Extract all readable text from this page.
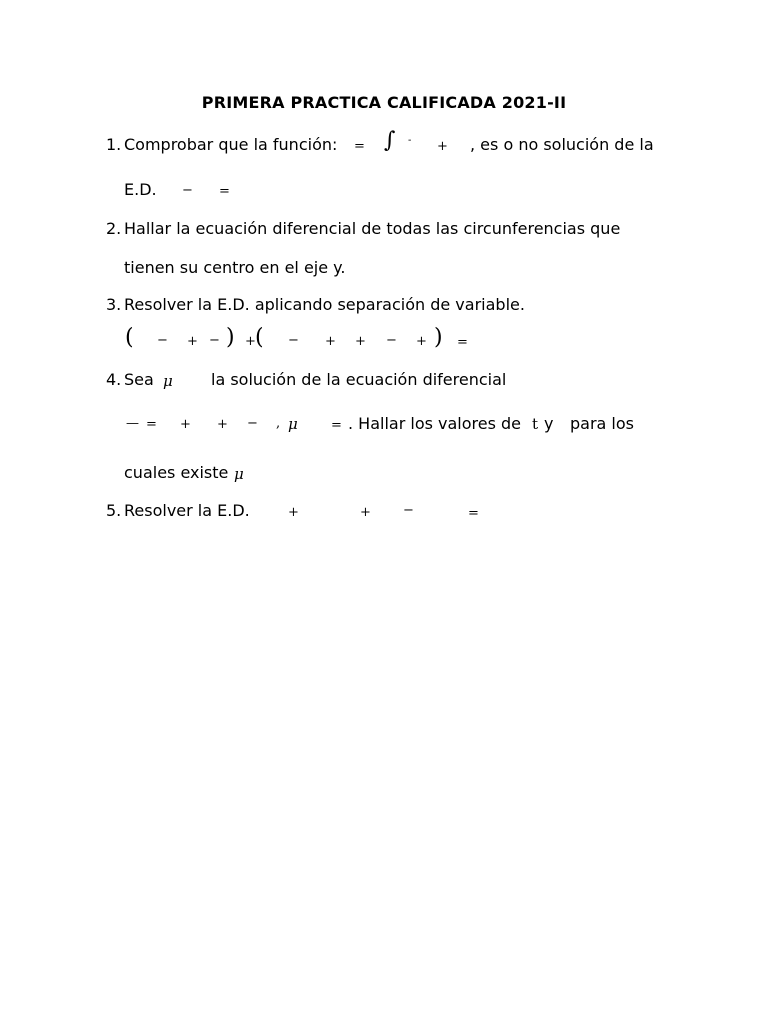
PRIMERA PRACTICA CALIFICADA 2021-II
1. Comprobar que la función: = ∫ - + , es o no solución de la
E.D. − =
2. Hallar la ecuación diferencial de todas las circunferencias que
tienen su centro en el eje y.
3. Resolver la E.D. aplicando separación de variable.
( − + − ) + ( − + + − + ) =
4. Sea μ la solución de la ecuación diferencial
— = + + − , μ	= . Hallar los valores de t y para los
cuales existe μ
5. Resolver la E.D.	+	+ −	=
